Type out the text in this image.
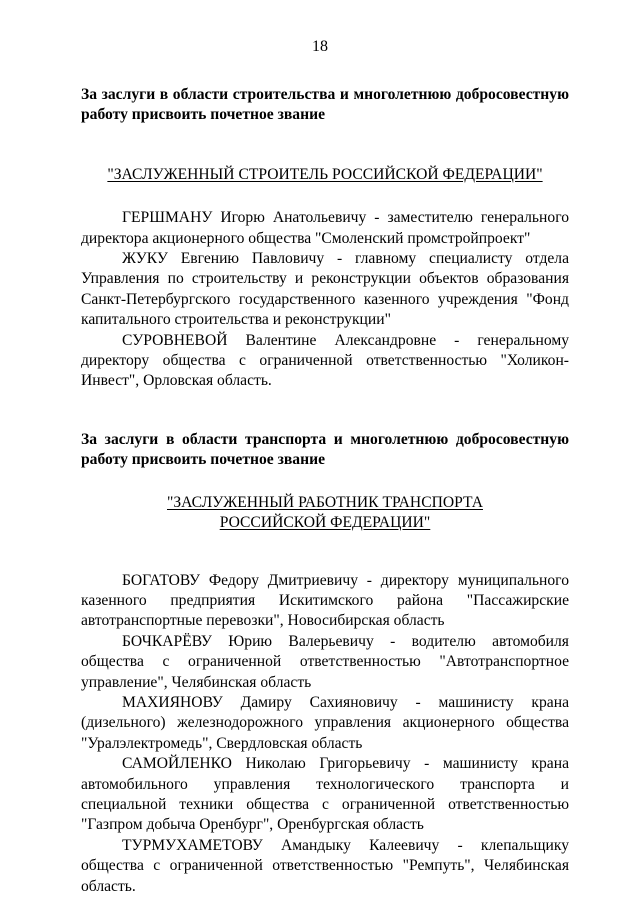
18

За заслуги в области строительства и многолетнюю добросовестную работу присвоить почетное звание

"ЗАСЛУЖЕННЫЙ СТРОИТЕЛЬ РОССИЙСКОЙ ФЕДЕРАЦИИ"

ГЕРШМАНУ Игорю Анатольевичу - заместителю генерального директора акционерного общества "Смоленский промстройпроект"

ЖУКУ Евгению Павловичу - главному специалисту отдела Управления по строительству и реконструкции объектов образования Санкт-Петербургского государственного казенного учреждения "Фонд капитального строительства и реконструкции"

СУРОВНЕВОЙ Валентине Александровне - генеральному директору общества с ограниченной ответственностью "Холикон-Инвест", Орловская область.

За заслуги в области транспорта и многолетнюю добросовестную работу присвоить почетное звание

"ЗАСЛУЖЕННЫЙ РАБОТНИК ТРАНСПОРТА

РОССИЙСКОЙ ФЕДЕРАЦИИ"

БОГАТОВУ Федору Дмитриевичу - директору муниципального казенного предприятия Искитимского района "Пассажирские автотранспортные перевозки", Новосибирская область

БОЧКАРЁВУ Юрию Валерьевичу - водителю автомобиля общества с ограниченной ответственностью "Автотранспортное управление", Челябинская область

МАХИЯНОВУ Дамиру Сахияновичу - машинисту крана (дизельного) железнодорожного управления акционерного общества "Уралэлектромедь", Свердловская область

САМОЙЛЕНКО Николаю Григорьевичу - машинисту крана автомобильного управления технологического транспорта и специальной техники общества с ограниченной ответственностью "Газпром добыча Оренбург", Оренбургская область

ТУРМУХАМЕТОВУ Амандыку Калеевичу - клепальщику общества с ограниченной ответственностью "Ремпуть", Челябинская область.
